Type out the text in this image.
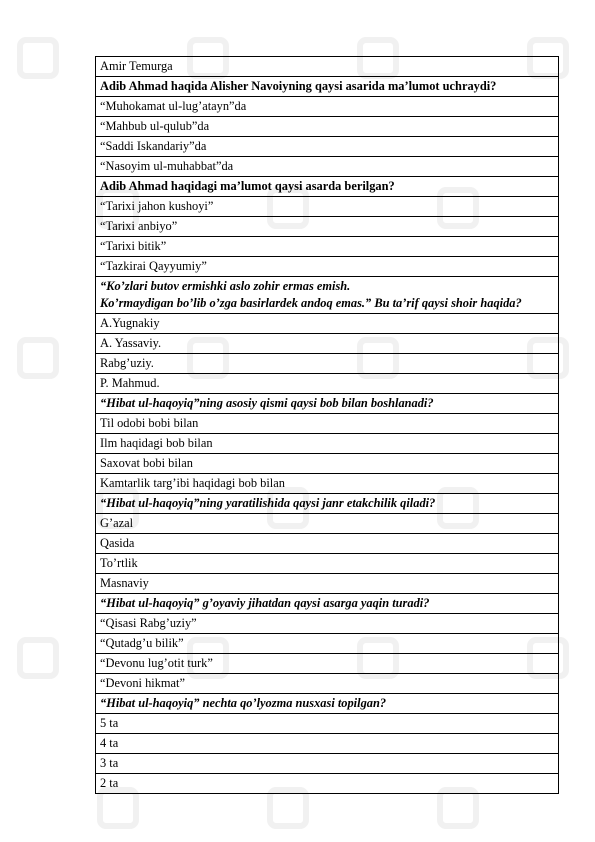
Amir Temurga
Adib Ahmad haqida Alisher Navoiyning qaysi asarida ma’lumot uchraydi?
“Muhokamat ul-lug’atayn”da
“Mahbub ul-qulub”da
“Saddi Iskandariy”da
“Nasoyim ul-muhabbat”da
Adib Ahmad haqidagi ma’lumot qaysi asarda berilgan?
“Tarixi jahon kushoyi”
“Tarixi anbiyo”
“Tarixi bitik”
“Tazkirai Qayyumiy”

“Ko’zlari butov ermishki aslo zohir ermas emish.
Ko’rmaydigan bo’lib o’zga basirlardek andoq emas.” Bu ta’rif qaysi shoir haqida?

A.Yugnakiy
A. Yassaviy.
Rabg’uziy.
P. Mahmud.
“Hibat ul-haqoyiq”ning asosiy qismi qaysi bob bilan boshlanadi?
Til odobi bobi bilan
Ilm haqidagi bob bilan
Saxovat bobi bilan
Kamtarlik targ’ibi haqidagi bob bilan
“Hibat ul-haqoyiq”ning yaratilishida qaysi janr etakchilik qiladi?
G’azal
Qasida
To’rtlik
Masnaviy
“Hibat ul-haqoyiq” g’oyaviy jihatdan qaysi asarga yaqin turadi?
“Qisasi Rabg’uziy”
“Qutadg’u bilik”
“Devonu lug’otit turk”
“Devoni hikmat”
“Hibat ul-haqoyiq” nechta qo’lyozma nusxasi topilgan?
5 ta
4 ta
3 ta
2 ta
